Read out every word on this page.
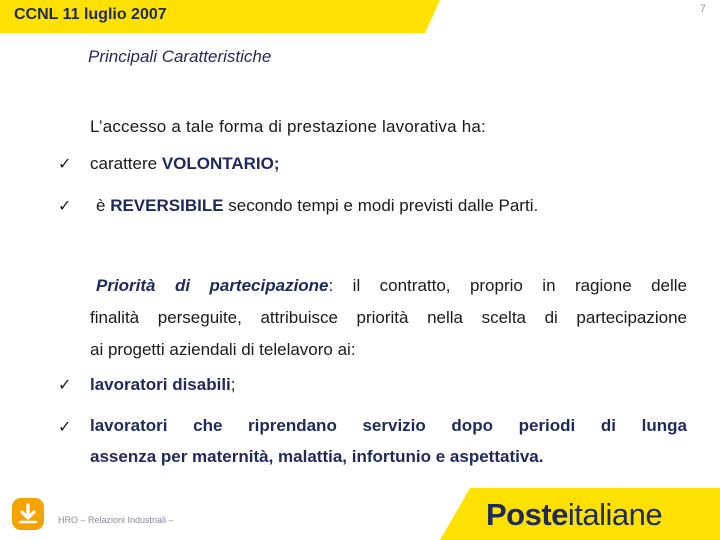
CCNL 11 luglio 2007	7
Principali Caratteristiche
L’accesso a tale forma di prestazione lavorativa ha:
✓ carattere VOLONTARIO;
✓ è REVERSIBILE secondo tempi e modi previsti dalle Parti.
Priorità di partecipazione: il contratto, proprio in ragione delle
finalità perseguite, attribuisce priorità nella scelta di partecipazione
ai progetti aziendali di telelavoro ai:
✓ lavoratori disabili;
✓ lavoratori che riprendano servizio dopo periodi di lunga
assenza per maternità, malattia, infortunio e aspettativa.
HRO – Relazioni Industriali –	Posteitaliane
